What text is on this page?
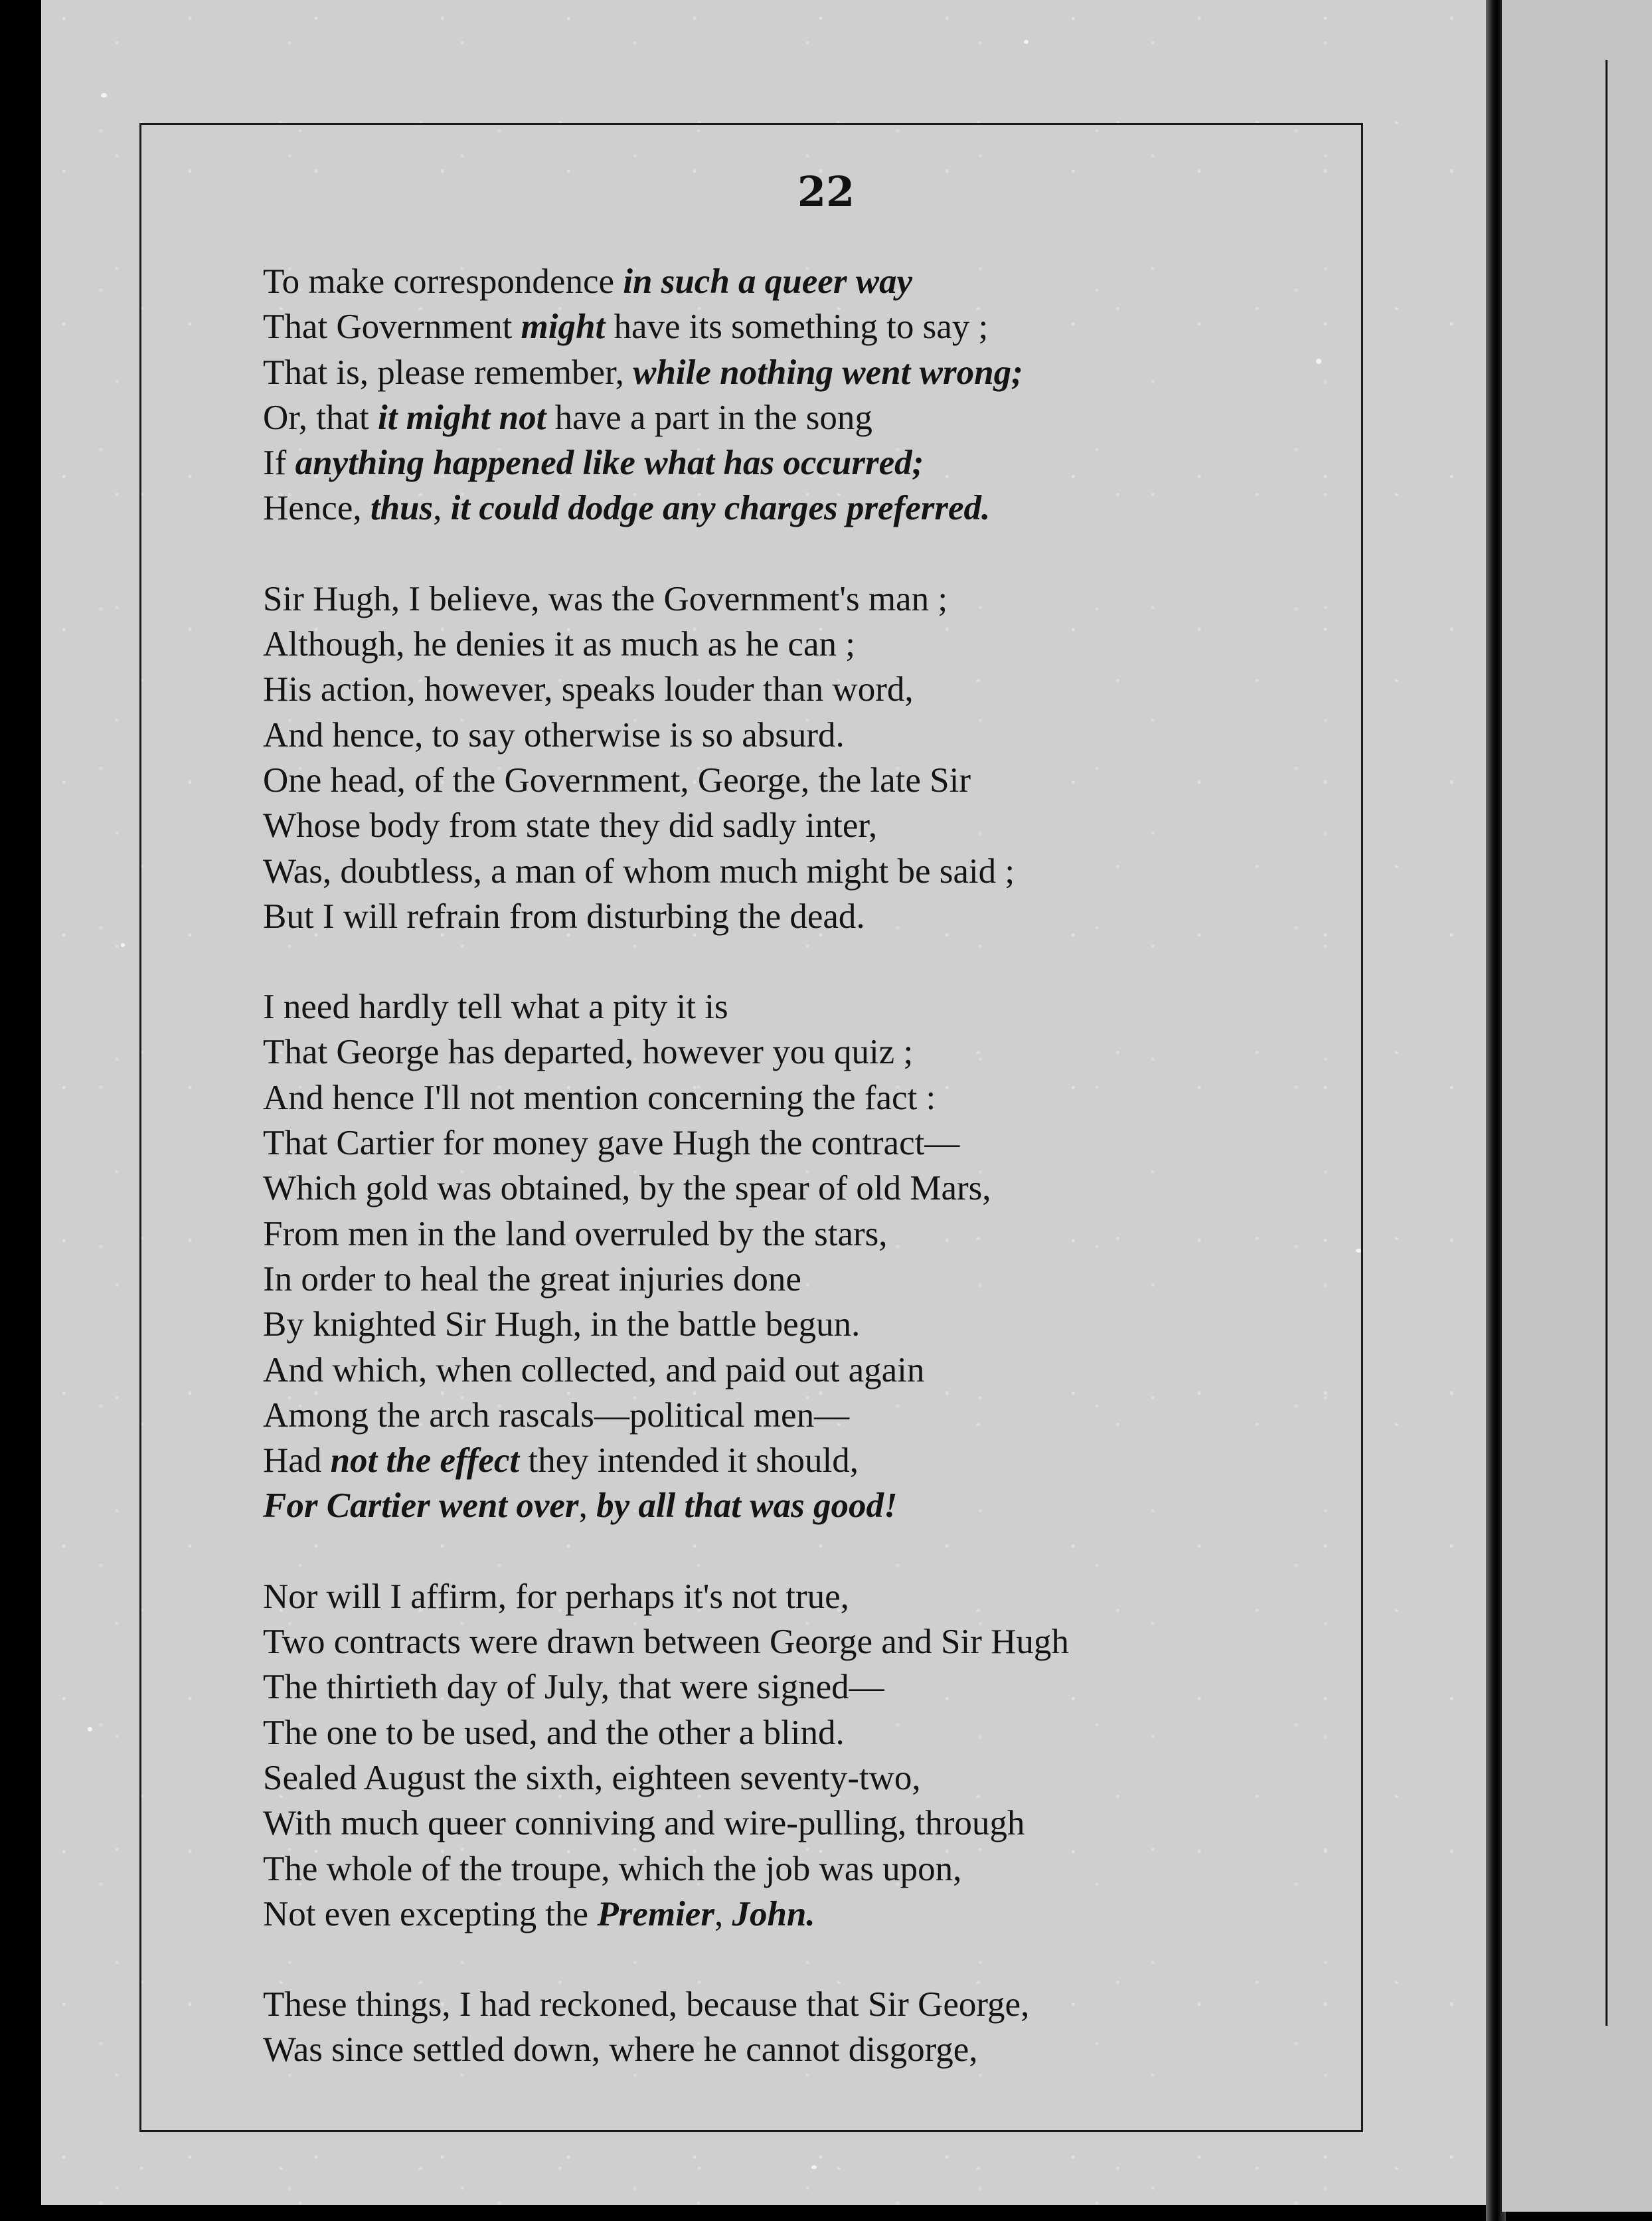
22
To make correspondence in such a queer way
That Government might have its something to say ;
That is, please remember, while nothing went wrong;
Or, that it might not have a part in the song
If anything happened like what has occurred;
Hence, thus, it could dodge any charges preferred.
Sir Hugh, I believe, was the Government's man ;
Although, he denies it as much as he can ;
His action, however, speaks louder than word,
And hence, to say otherwise is so absurd.
One head, of the Government, George, the late Sir
Whose body from state they did sadly inter,
Was, doubtless, a man of whom much might be said ;
But I will refrain from disturbing the dead.
I need hardly tell what a pity it is
That George has departed, however you quiz ;
And hence I'll not mention concerning the fact :
That Cartier for money gave Hugh the contract—
Which gold was obtained, by the spear of old Mars,
From men in the land overruled by the stars,
In order to heal the great injuries done
By knighted Sir Hugh, in the battle begun.
And which, when collected, and paid out again
Among the arch rascals—political men—
Had not the effect they intended it should,
For Cartier went over, by all that was good!
Nor will I affirm, for perhaps it's not true,
Two contracts were drawn between George and Sir Hugh
The thirtieth day of July, that were signed—
The one to be used, and the other a blind.
Sealed August the sixth, eighteen seventy-two,
With much queer conniving and wire-pulling, through
The whole of the troupe, which the job was upon,
Not even excepting the Premier, John.
These things, I had reckoned, because that Sir George,
Was since settled down, where he cannot disgorge,
